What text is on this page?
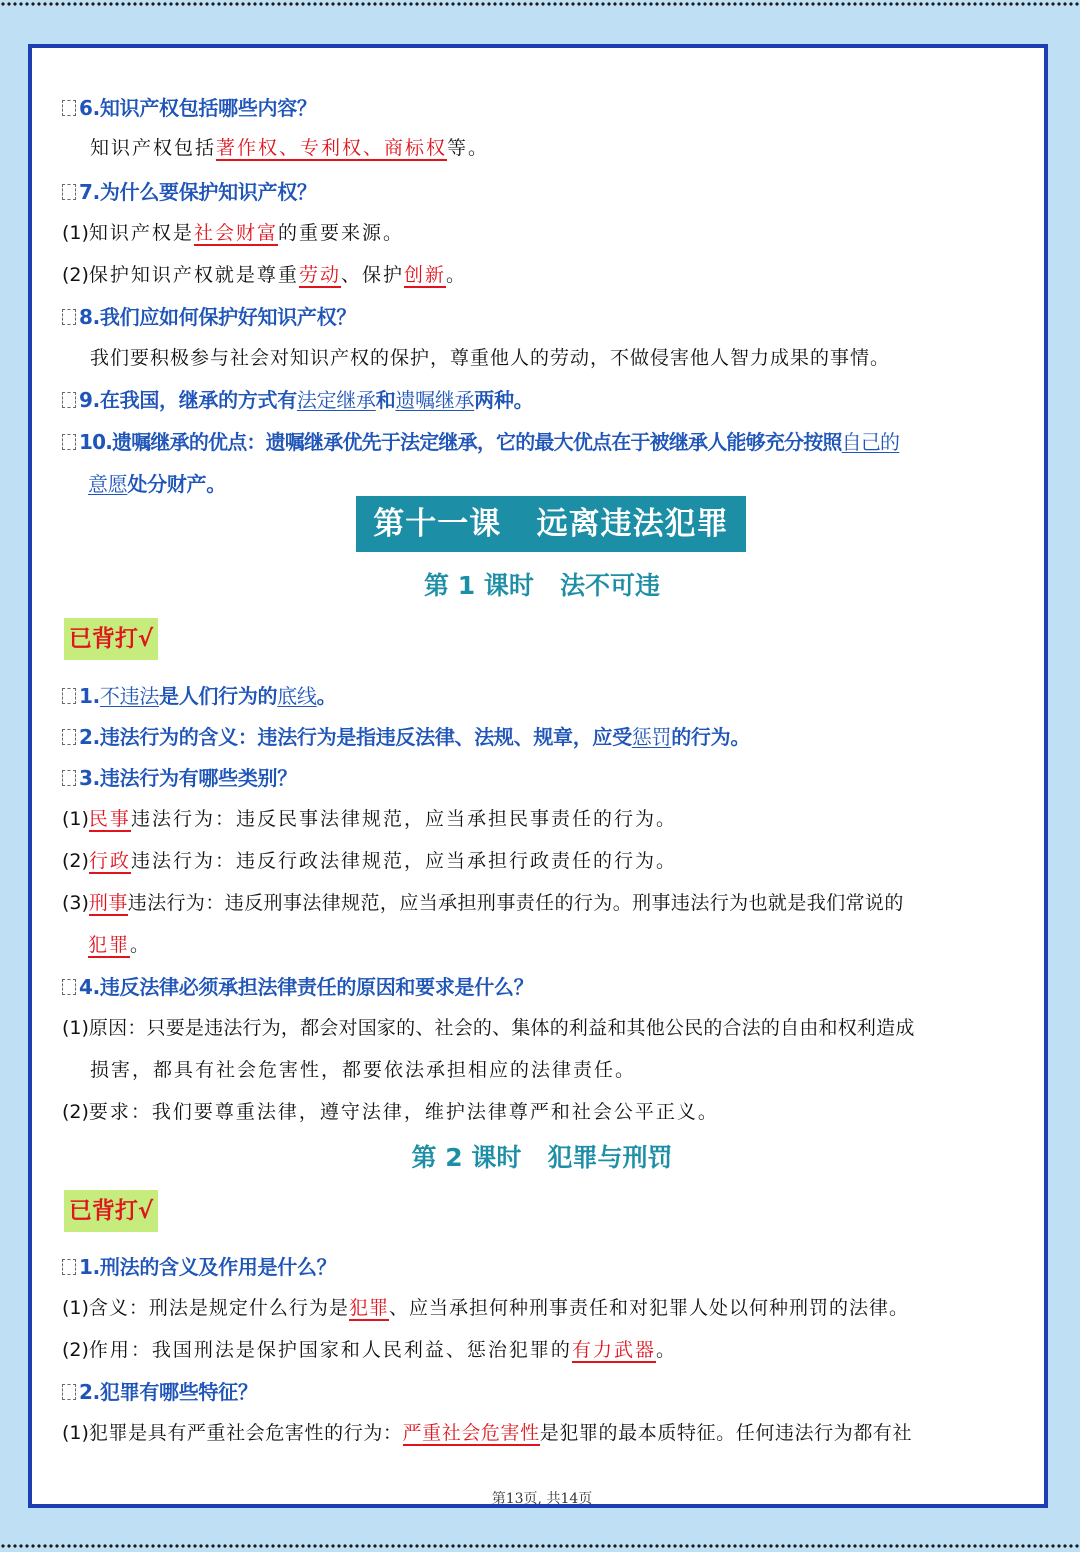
6.知识产权包括哪些内容？
知识产权包括著作权、专利权、商标权等。
7.为什么要保护知识产权？
(1)知识产权是社会财富的重要来源。
(2)保护知识产权就是尊重劳动、保护创新。
8.我们应如何保护好知识产权？
我们要积极参与社会对知识产权的保护，尊重他人的劳动，不做侵害他人智力成果的事情。
9.在我国，继承的方式有法定继承和遗嘱继承两种。
10.遗嘱继承的优点：遗嘱继承优先于法定继承，它的最大优点在于被继承人能够充分按照自己的
意愿处分财产。
第十一课   远离违法犯罪
第 1 课时   法不可违
已背打√
1.不违法是人们行为的底线。
2.违法行为的含义：违法行为是指违反法律、法规、规章，应受惩罚的行为。
3.违法行为有哪些类别？
(1)民事违法行为：违反民事法律规范，应当承担民事责任的行为。
(2)行政违法行为：违反行政法律规范，应当承担行政责任的行为。
(3)刑事违法行为：违反刑事法律规范，应当承担刑事责任的行为。刑事违法行为也就是我们常说的
犯罪。
4.违反法律必须承担法律责任的原因和要求是什么？
(1)原因：只要是违法行为，都会对国家的、社会的、集体的利益和其他公民的合法的自由和权利造成
损害，都具有社会危害性，都要依法承担相应的法律责任。
(2)要求：我们要尊重法律，遵守法律，维护法律尊严和社会公平正义。
第 2 课时   犯罪与刑罚
已背打√
1.刑法的含义及作用是什么？
(1)含义：刑法是规定什么行为是犯罪、应当承担何种刑事责任和对犯罪人处以何种刑罚的法律。
(2)作用：我国刑法是保护国家和人民利益、惩治犯罪的有力武器。
2.犯罪有哪些特征？
(1)犯罪是具有严重社会危害性的行为：严重社会危害性是犯罪的最本质特征。任何违法行为都有社
第13页, 共14页
